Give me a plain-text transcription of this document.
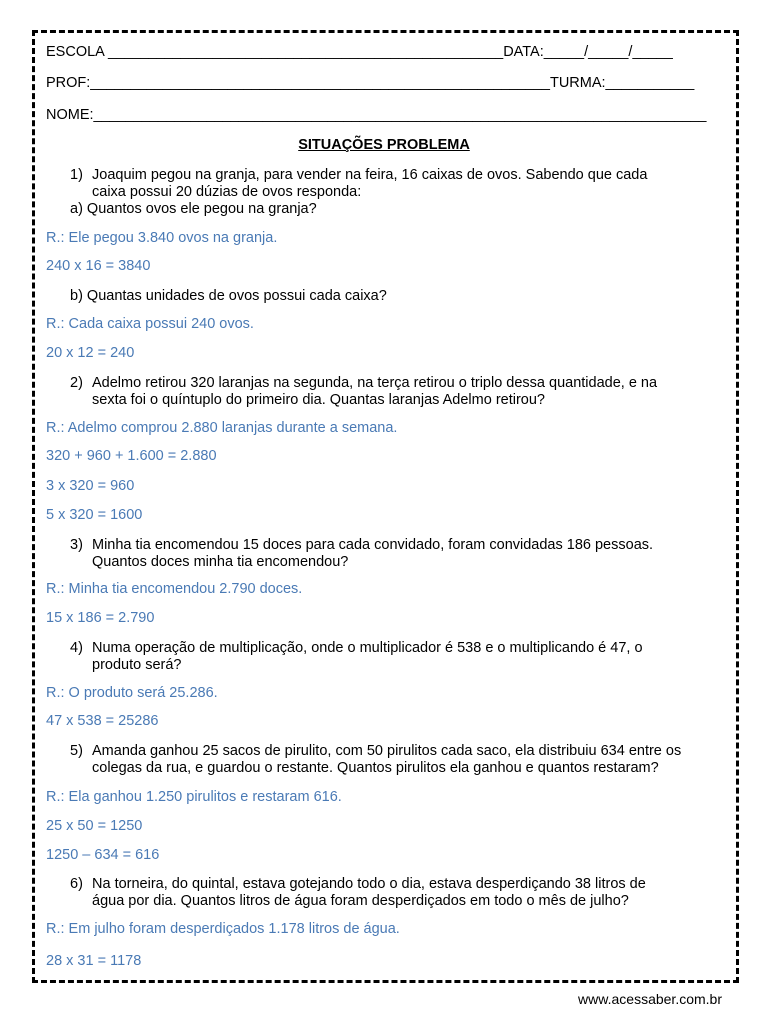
ESCOLA _________________________________________________DATA:_____/_____/_____
PROF:_________________________________________________________TURMA:___________
NOME:____________________________________________________________________________
SITUAÇÕES PROBLEMA
1) Joaquim pegou na granja, para vender na feira, 16 caixas de ovos. Sabendo que cada
caixa possui 20 dúzias de ovos responda:
a) Quantos ovos ele pegou na granja?
R.: Ele pegou 3.840 ovos na granja.
240 x 16 = 3840
b) Quantas unidades de ovos possui cada caixa?
R.: Cada caixa possui 240 ovos.
20 x 12 = 240
2) Adelmo retirou 320 laranjas na segunda, na terça retirou o triplo dessa quantidade, e na
sexta foi o quíntuplo do primeiro dia. Quantas laranjas Adelmo retirou?
R.: Adelmo comprou 2.880 laranjas durante a semana.
320 + 960 + 1.600 = 2.880
3 x 320 = 960
5 x 320 = 1600
3) Minha tia encomendou 15 doces para cada convidado, foram convidadas 186 pessoas.
Quantos doces minha tia encomendou?
R.: Minha tia encomendou 2.790 doces.
15 x 186 = 2.790
4) Numa operação de multiplicação, onde o multiplicador é 538 e o multiplicando é 47, o
produto será?
R.: O produto será 25.286.
47 x 538 = 25286
5) Amanda ganhou 25 sacos de pirulito, com 50 pirulitos cada saco, ela distribuiu 634 entre os
colegas da rua, e guardou o restante. Quantos pirulitos ela ganhou e quantos restaram?
R.: Ela ganhou 1.250 pirulitos e restaram 616.
25 x 50 = 1250
1250 – 634 = 616
6) Na torneira, do quintal, estava gotejando todo o dia, estava desperdiçando 38 litros de
água por dia. Quantos litros de água foram desperdiçados em todo o mês de julho?
R.: Em julho foram desperdiçados 1.178 litros de água.
28 x 31 = 1178
www.acessaber.com.br
